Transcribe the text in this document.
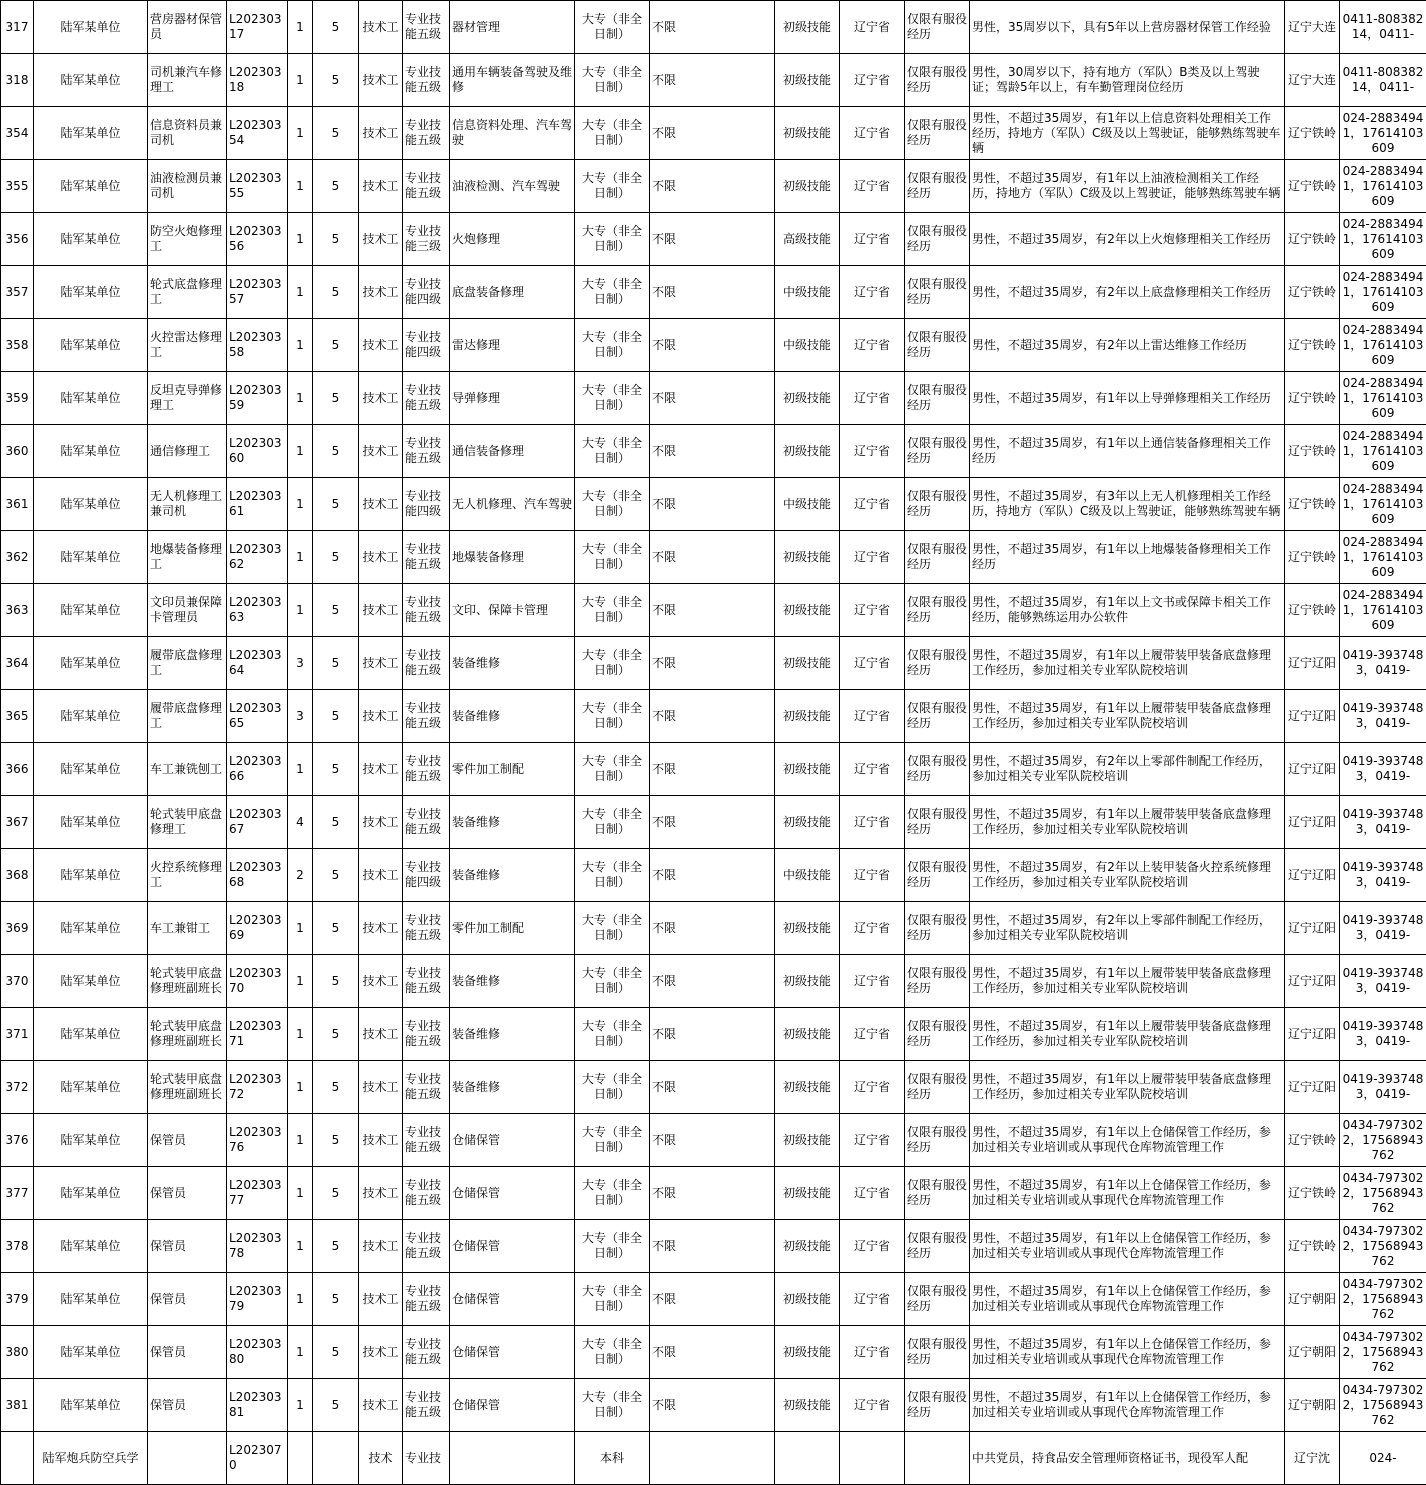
317	陆军某单位	营房器材保管员	L20230317	1	5	技术工	专业技能五级	器材管理	大专（非全日制）	不限	初级技能	辽宁省	仅限有服役经历	男性，35周岁以下，具有5年以上营房器材保管工作经验	辽宁大连	0411-80838214，0411-
318	陆军某单位	司机兼汽车修理工	L20230318	1	5	技术工	专业技能五级	通用车辆装备驾驶及维修	大专（非全日制）	不限	初级技能	辽宁省	仅限有服役经历	男性，30周岁以下，持有地方（军队）B类及以上驾驶证；驾龄5年以上，有车勤管理岗位经历	辽宁大连	0411-80838214，0411-
354	陆军某单位	信息资料员兼司机	L20230354	1	5	技术工	专业技能五级	信息资料处理、汽车驾驶	大专（非全日制）	不限	初级技能	辽宁省	仅限有服役经历	男性，不超过35周岁，有1年以上信息资料处理相关工作经历，持地方（军队）C级及以上驾驶证，能够熟练驾驶车辆	辽宁铁岭	024-28834941，17614103609
355	陆军某单位	油液检测员兼司机	L20230355	1	5	技术工	专业技能五级	油液检测、汽车驾驶	大专（非全日制）	不限	初级技能	辽宁省	仅限有服役经历	男性，不超过35周岁，有1年以上油液检测相关工作经历，持地方（军队）C级及以上驾驶证，能够熟练驾驶车辆	辽宁铁岭	024-28834941，17614103609
356	陆军某单位	防空火炮修理工	L20230356	1	5	技术工	专业技能三级	火炮修理	大专（非全日制）	不限	高级技能	辽宁省	仅限有服役经历	男性，不超过35周岁，有2年以上火炮修理相关工作经历	辽宁铁岭	024-28834941，17614103609
357	陆军某单位	轮式底盘修理工	L20230357	1	5	技术工	专业技能四级	底盘装备修理	大专（非全日制）	不限	中级技能	辽宁省	仅限有服役经历	男性，不超过35周岁，有2年以上底盘修理相关工作经历	辽宁铁岭	024-28834941，17614103609
358	陆军某单位	火控雷达修理工	L20230358	1	5	技术工	专业技能四级	雷达修理	大专（非全日制）	不限	中级技能	辽宁省	仅限有服役经历	男性，不超过35周岁，有2年以上雷达维修工作经历	辽宁铁岭	024-28834941，17614103609
359	陆军某单位	反坦克导弹修理工	L20230359	1	5	技术工	专业技能五级	导弹修理	大专（非全日制）	不限	初级技能	辽宁省	仅限有服役经历	男性，不超过35周岁，有1年以上导弹修理相关工作经历	辽宁铁岭	024-28834941，17614103609
360	陆军某单位	通信修理工	L20230360	1	5	技术工	专业技能五级	通信装备修理	大专（非全日制）	不限	初级技能	辽宁省	仅限有服役经历	男性，不超过35周岁，有1年以上通信装备修理相关工作经历	辽宁铁岭	024-28834941，17614103609
361	陆军某单位	无人机修理工兼司机	L20230361	1	5	技术工	专业技能四级	无人机修理、汽车驾驶	大专（非全日制）	不限	中级技能	辽宁省	仅限有服役经历	男性，不超过35周岁，有3年以上无人机修理相关工作经历，持地方（军队）C级及以上驾驶证，能够熟练驾驶车辆	辽宁铁岭	024-28834941，17614103609
362	陆军某单位	地爆装备修理工	L20230362	1	5	技术工	专业技能五级	地爆装备修理	大专（非全日制）	不限	初级技能	辽宁省	仅限有服役经历	男性，不超过35周岁，有1年以上地爆装备修理相关工作经历	辽宁铁岭	024-28834941，17614103609
363	陆军某单位	文印员兼保障卡管理员	L20230363	1	5	技术工	专业技能五级	文印、保障卡管理	大专（非全日制）	不限	初级技能	辽宁省	仅限有服役经历	男性，不超过35周岁，有1年以上文书或保障卡相关工作经历，能够熟练运用办公软件	辽宁铁岭	024-28834941，17614103609
364	陆军某单位	履带底盘修理工	L20230364	3	5	技术工	专业技能五级	装备维修	大专（非全日制）	不限	初级技能	辽宁省	仅限有服役经历	男性，不超过35周岁，有1年以上履带装甲装备底盘修理工作经历，参加过相关专业军队院校培训	辽宁辽阳	0419-3937483，0419-
365	陆军某单位	履带底盘修理工	L20230365	3	5	技术工	专业技能五级	装备维修	大专（非全日制）	不限	初级技能	辽宁省	仅限有服役经历	男性，不超过35周岁，有1年以上履带装甲装备底盘修理工作经历，参加过相关专业军队院校培训	辽宁辽阳	0419-3937483，0419-
366	陆军某单位	车工兼铣刨工	L20230366	1	5	技术工	专业技能五级	零件加工制配	大专（非全日制）	不限	初级技能	辽宁省	仅限有服役经历	男性，不超过35周岁，有2年以上零部件制配工作经历，参加过相关专业军队院校培训	辽宁辽阳	0419-3937483，0419-
367	陆军某单位	轮式装甲底盘修理工	L20230367	4	5	技术工	专业技能五级	装备维修	大专（非全日制）	不限	初级技能	辽宁省	仅限有服役经历	男性，不超过35周岁，有1年以上履带装甲装备底盘修理工作经历，参加过相关专业军队院校培训	辽宁辽阳	0419-3937483，0419-
368	陆军某单位	火控系统修理工	L20230368	2	5	技术工	专业技能四级	装备维修	大专（非全日制）	不限	中级技能	辽宁省	仅限有服役经历	男性，不超过35周岁，有2年以上装甲装备火控系统修理工作经历，参加过相关专业军队院校培训	辽宁辽阳	0419-3937483，0419-
369	陆军某单位	车工兼钳工	L20230369	1	5	技术工	专业技能五级	零件加工制配	大专（非全日制）	不限	初级技能	辽宁省	仅限有服役经历	男性，不超过35周岁，有2年以上零部件制配工作经历，参加过相关专业军队院校培训	辽宁辽阳	0419-3937483，0419-
370	陆军某单位	轮式装甲底盘修理班副班长	L20230370	1	5	技术工	专业技能五级	装备维修	大专（非全日制）	不限	初级技能	辽宁省	仅限有服役经历	男性，不超过35周岁，有1年以上履带装甲装备底盘修理工作经历，参加过相关专业军队院校培训	辽宁辽阳	0419-3937483，0419-
371	陆军某单位	轮式装甲底盘修理班副班长	L20230371	1	5	技术工	专业技能五级	装备维修	大专（非全日制）	不限	初级技能	辽宁省	仅限有服役经历	男性，不超过35周岁，有1年以上履带装甲装备底盘修理工作经历，参加过相关专业军队院校培训	辽宁辽阳	0419-3937483，0419-
372	陆军某单位	轮式装甲底盘修理班副班长	L20230372	1	5	技术工	专业技能五级	装备维修	大专（非全日制）	不限	初级技能	辽宁省	仅限有服役经历	男性，不超过35周岁，有1年以上履带装甲装备底盘修理工作经历，参加过相关专业军队院校培训	辽宁辽阳	0419-3937483，0419-
376	陆军某单位	保管员	L20230376	1	5	技术工	专业技能五级	仓储保管	大专（非全日制）	不限	初级技能	辽宁省	仅限有服役经历	男性，不超过35周岁，有1年以上仓储保管工作经历，参加过相关专业培训或从事现代仓库物流管理工作	辽宁铁岭	0434-7973022，17568943762
377	陆军某单位	保管员	L20230377	1	5	技术工	专业技能五级	仓储保管	大专（非全日制）	不限	初级技能	辽宁省	仅限有服役经历	男性，不超过35周岁，有1年以上仓储保管工作经历，参加过相关专业培训或从事现代仓库物流管理工作	辽宁铁岭	0434-7973022，17568943762
378	陆军某单位	保管员	L20230378	1	5	技术工	专业技能五级	仓储保管	大专（非全日制）	不限	初级技能	辽宁省	仅限有服役经历	男性，不超过35周岁，有1年以上仓储保管工作经历，参加过相关专业培训或从事现代仓库物流管理工作	辽宁铁岭	0434-7973022，17568943762
379	陆军某单位	保管员	L20230379	1	5	技术工	专业技能五级	仓储保管	大专（非全日制）	不限	初级技能	辽宁省	仅限有服役经历	男性，不超过35周岁，有1年以上仓储保管工作经历，参加过相关专业培训或从事现代仓库物流管理工作	辽宁朝阳	0434-7973022，17568943762
380	陆军某单位	保管员	L20230380	1	5	技术工	专业技能五级	仓储保管	大专（非全日制）	不限	初级技能	辽宁省	仅限有服役经历	男性，不超过35周岁，有1年以上仓储保管工作经历，参加过相关专业培训或从事现代仓库物流管理工作	辽宁朝阳	0434-7973022，17568943762
381	陆军某单位	保管员	L20230381	1	5	技术工	专业技能五级	仓储保管	大专（非全日制）	不限	初级技能	辽宁省	仅限有服役经历	男性，不超过35周岁，有1年以上仓储保管工作经历，参加过相关专业培训或从事现代仓库物流管理工作	辽宁朝阳	0434-7973022，17568943762
	陆军炮兵防空兵学		L2023070			技术	专业技		本科					中共党员，持食品安全管理师资格证书，现役军人配	辽宁沈	024-
